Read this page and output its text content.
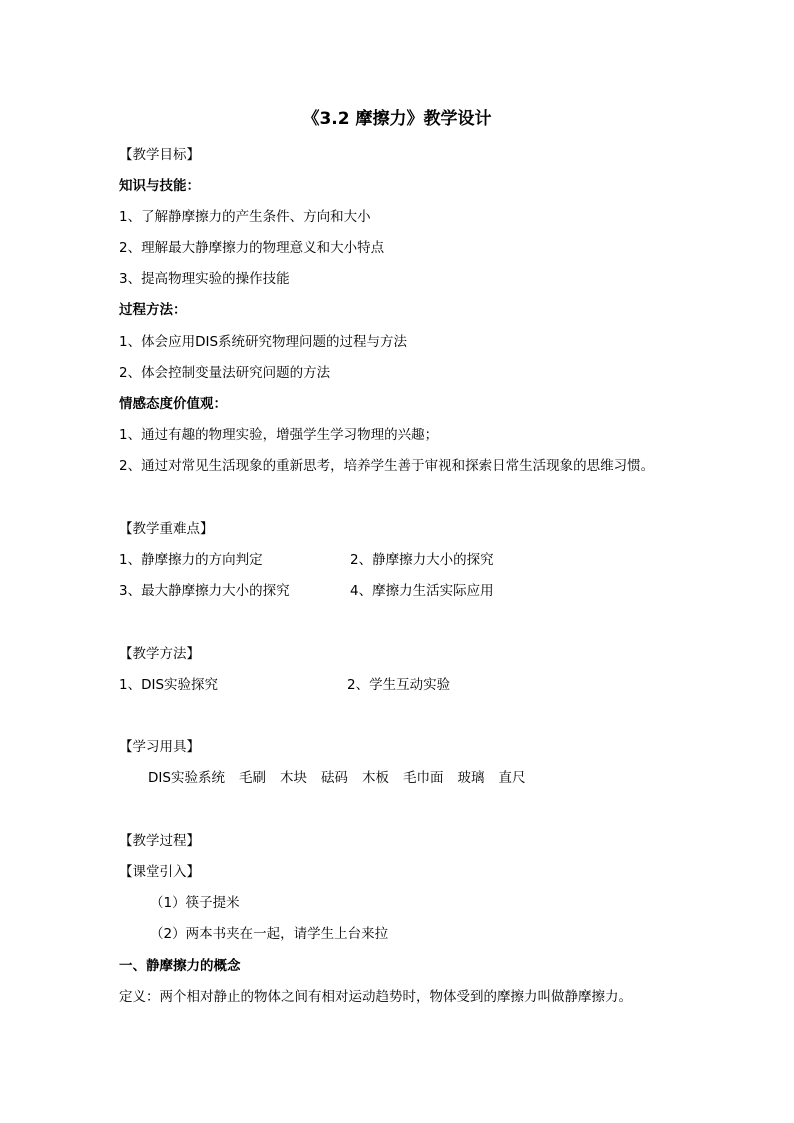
《3.2 摩擦力》教学设计
【教学目标】
知识与技能：
1、了解静摩擦力的产生条件、方向和大小
2、理解最大静摩擦力的物理意义和大小特点
3、提高物理实验的操作技能
过程方法：
1、体会应用DIS系统研究物理问题的过程与方法
2、体会控制变量法研究问题的方法
情感态度价值观：
1、通过有趣的物理实验，增强学生学习物理的兴趣；
2、通过对常见生活现象的重新思考，培养学生善于审视和探索日常生活现象的思维习惯。
【教学重难点】
1、静摩擦力的方向判定	2、静摩擦力大小的探究
3、最大静摩擦力大小的探究	4、摩擦力生活实际应用
【教学方法】
1、DIS实验探究	2、学生互动实验
【学习用具】
DIS实验系统 毛刷 木块 砝码 木板 毛巾面 玻璃 直尺
【教学过程】
【课堂引入】
（1）筷子提米
（2）两本书夹在一起，请学生上台来拉
一、静摩擦力的概念
定义：两个相对静止的物体之间有相对运动趋势时，物体受到的摩擦力叫做静摩擦力。
